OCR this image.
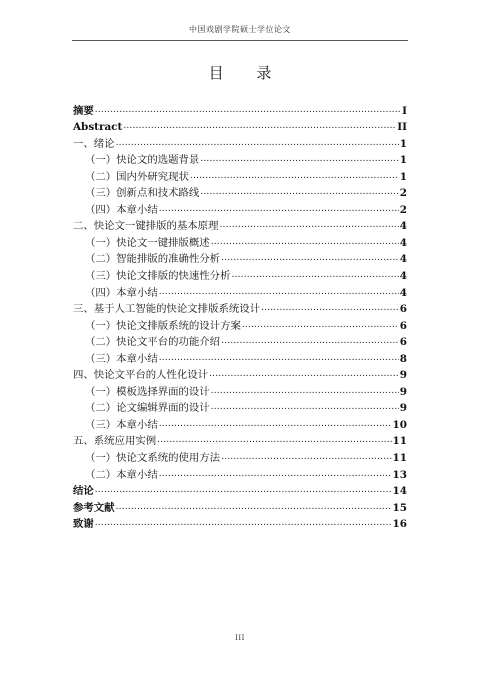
中国戏剧学院硕士学位论文
目 录
摘要 .....	I
Abstract .....	II
一、 绪论 .....	1
（一） 快论文的选题背景 .....	1
（二） 国内外研究现状 .....	1
（三） 创新点和技术路线 .....	2
（四） 本章小结 .....	2
二、 快论文一键排版的基本原理 .....	4
（一） 快论文一键排版概述 .....	4
（二） 智能排版的准确性分析 .....	4
（三） 快论文排版的快速性分析 .....	4
（四） 本章小结 .....	4
三、 基于人工智能的快论文排版系统设计 .....	6
（一） 快论文排版系统的设计方案 .....	6
（二） 快论文平台的功能介绍 .....	6
（三） 本章小结 .....	8
四、 快论文平台的人性化设计 .....	9
（一） 模板选择界面的设计 .....	9
（二） 论文编辑界面的设计 .....	9
（三） 本章小结 .....	10
五、 系统应用实例 .....	11
（一） 快论文系统的使用方法 .....	11
（二） 本章小结 .....	13
结论 .....	14
参考文献 .....	15
致谢 .....	16
III
